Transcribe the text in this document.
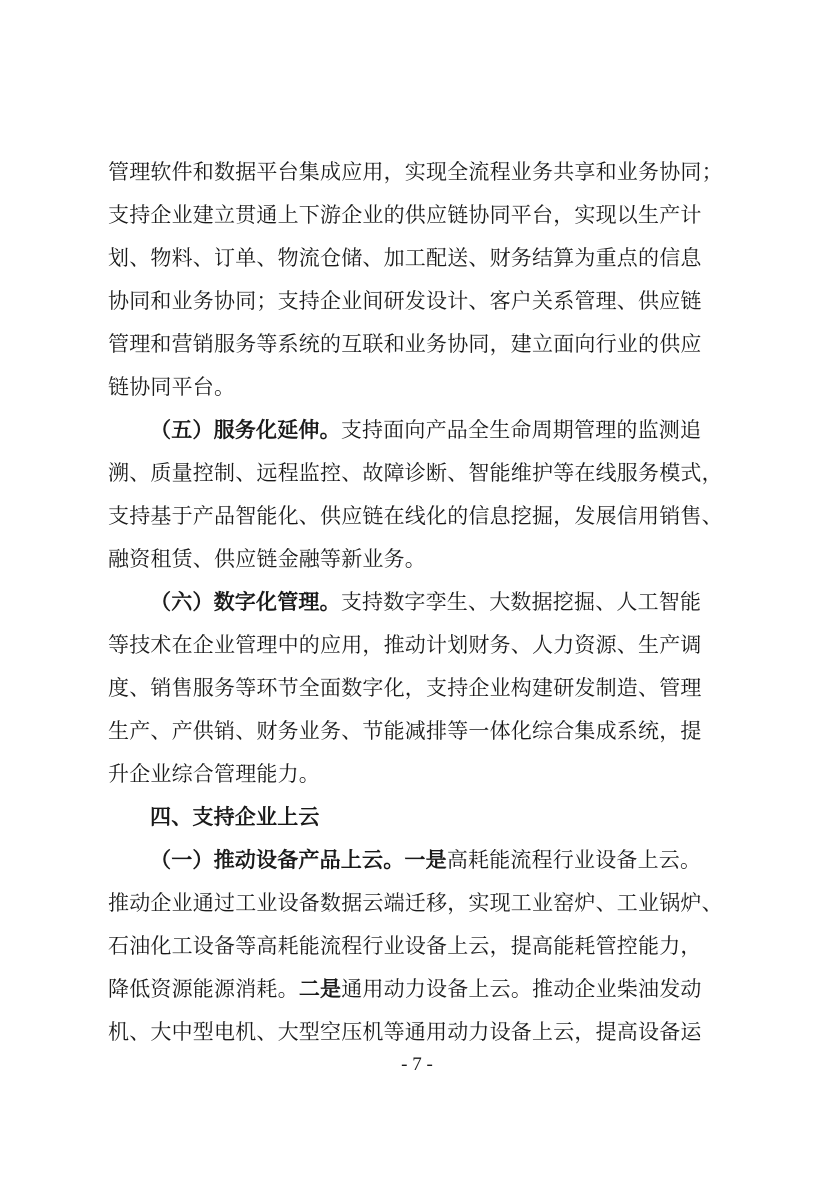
管理软件和数据平台集成应用，实现全流程业务共享和业务协同；
支持企业建立贯通上下游企业的供应链协同平台，实现以生产计
划、物料、订单、物流仓储、加工配送、财务结算为重点的信息
协同和业务协同；支持企业间研发设计、客户关系管理、供应链
管理和营销服务等系统的互联和业务协同，建立面向行业的供应
链协同平台。
（五）服务化延伸。支持面向产品全生命周期管理的监测追
溯、质量控制、远程监控、故障诊断、智能维护等在线服务模式，
支持基于产品智能化、供应链在线化的信息挖掘，发展信用销售、
融资租赁、供应链金融等新业务。
（六）数字化管理。支持数字孪生、大数据挖掘、人工智能
等技术在企业管理中的应用，推动计划财务、人力资源、生产调
度、销售服务等环节全面数字化，支持企业构建研发制造、管理
生产、产供销、财务业务、节能减排等一体化综合集成系统，提
升企业综合管理能力。
四、支持企业上云
（一）推动设备产品上云。一是高耗能流程行业设备上云。
推动企业通过工业设备数据云端迁移，实现工业窑炉、工业锅炉、
石油化工设备等高耗能流程行业设备上云，提高能耗管控能力，
降低资源能源消耗。二是通用动力设备上云。推动企业柴油发动
机、大中型电机、大型空压机等通用动力设备上云，提高设备运
- 7 -
